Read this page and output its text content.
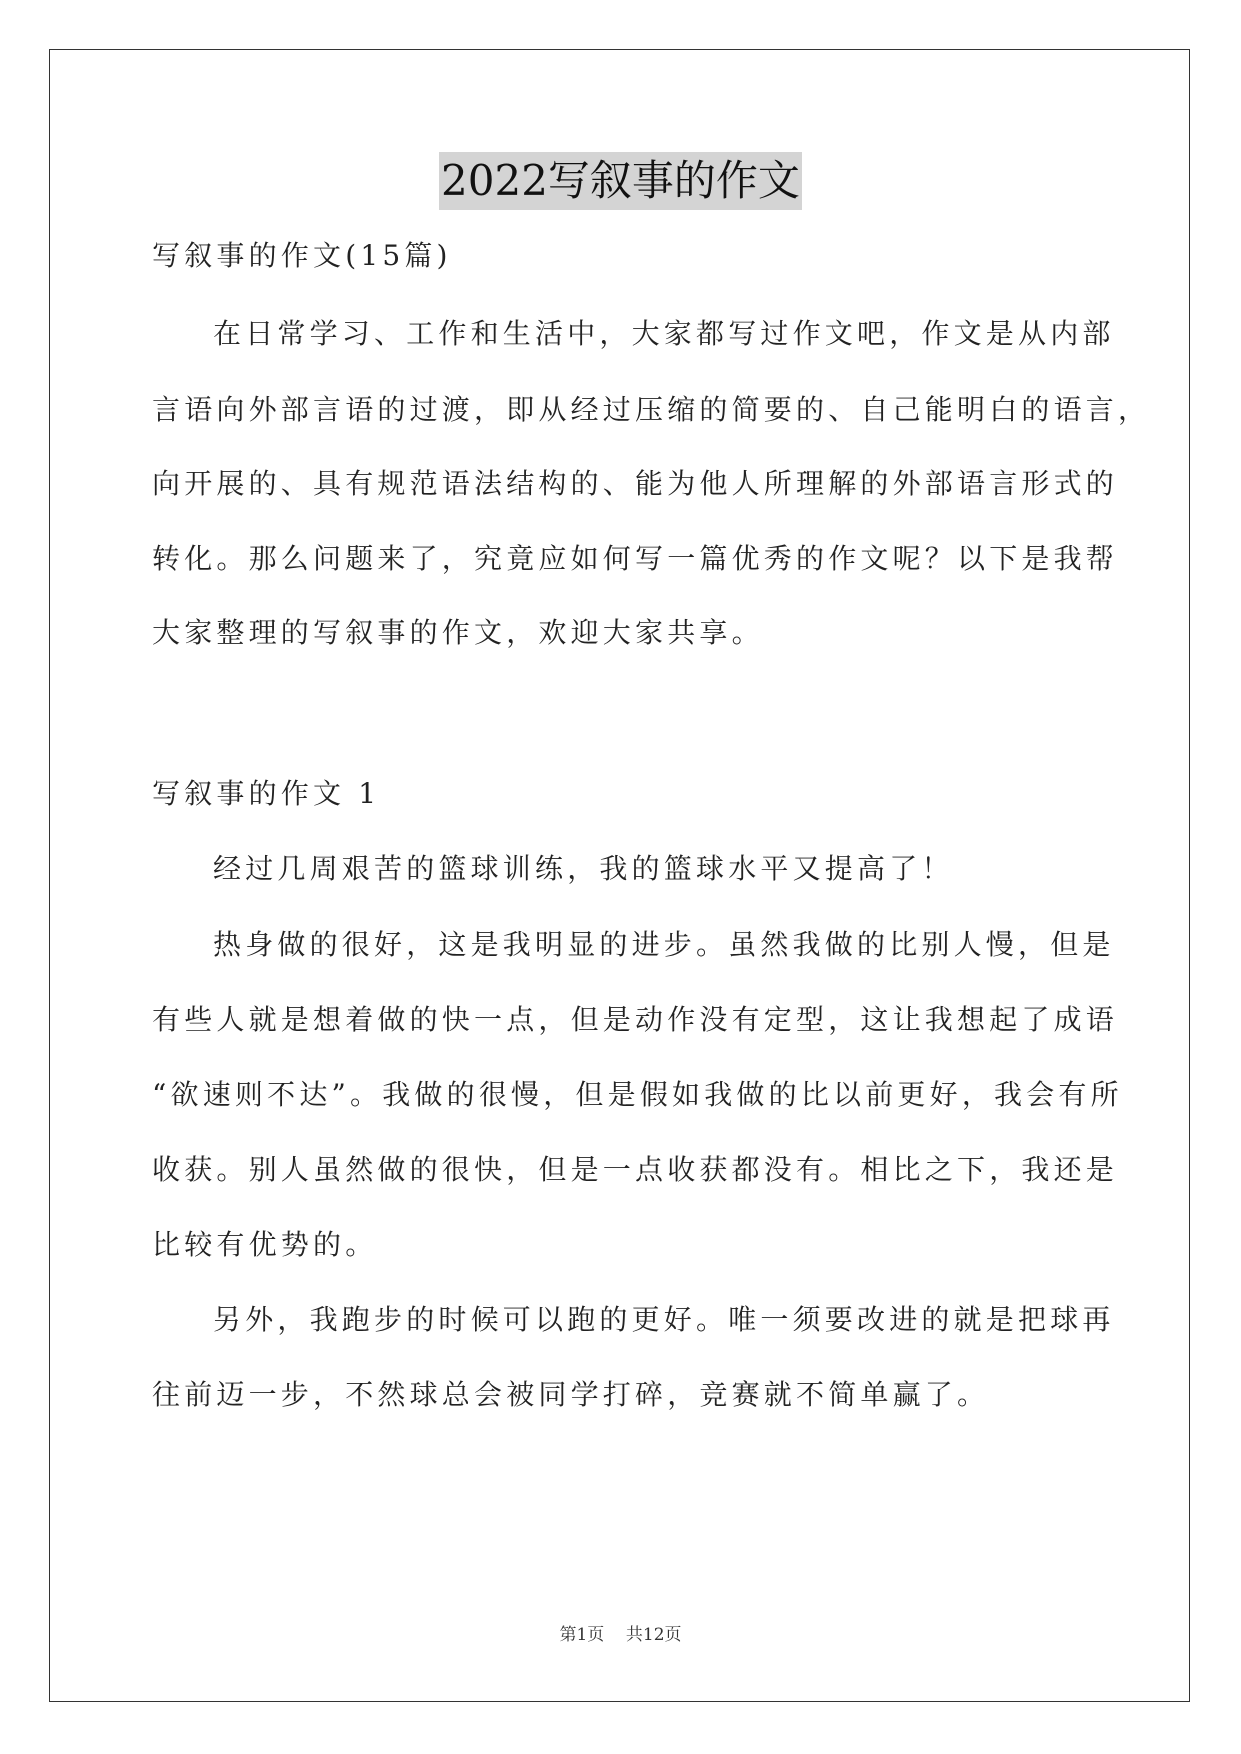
2022写叙事的作文
写叙事的作文(15篇)
在日常学习、工作和生活中，大家都写过作文吧，作文是从内部
言语向外部言语的过渡，即从经过压缩的简要的、自己能明白的语言，
向开展的、具有规范语法结构的、能为他人所理解的外部语言形式的
转化。那么问题来了，究竟应如何写一篇优秀的作文呢？以下是我帮
大家整理的写叙事的作文，欢迎大家共享。
写叙事的作文 1
经过几周艰苦的篮球训练，我的篮球水平又提高了！
热身做的很好，这是我明显的进步。虽然我做的比别人慢，但是
有些人就是想着做的快一点，但是动作没有定型，这让我想起了成语
“欲速则不达”。我做的很慢，但是假如我做的比以前更好，我会有所
收获。别人虽然做的很快，但是一点收获都没有。相比之下，我还是
比较有优势的。
另外，我跑步的时候可以跑的更好。唯一须要改进的就是把球再
往前迈一步，不然球总会被同学打碎，竞赛就不简单赢了。
第1页    共12页
